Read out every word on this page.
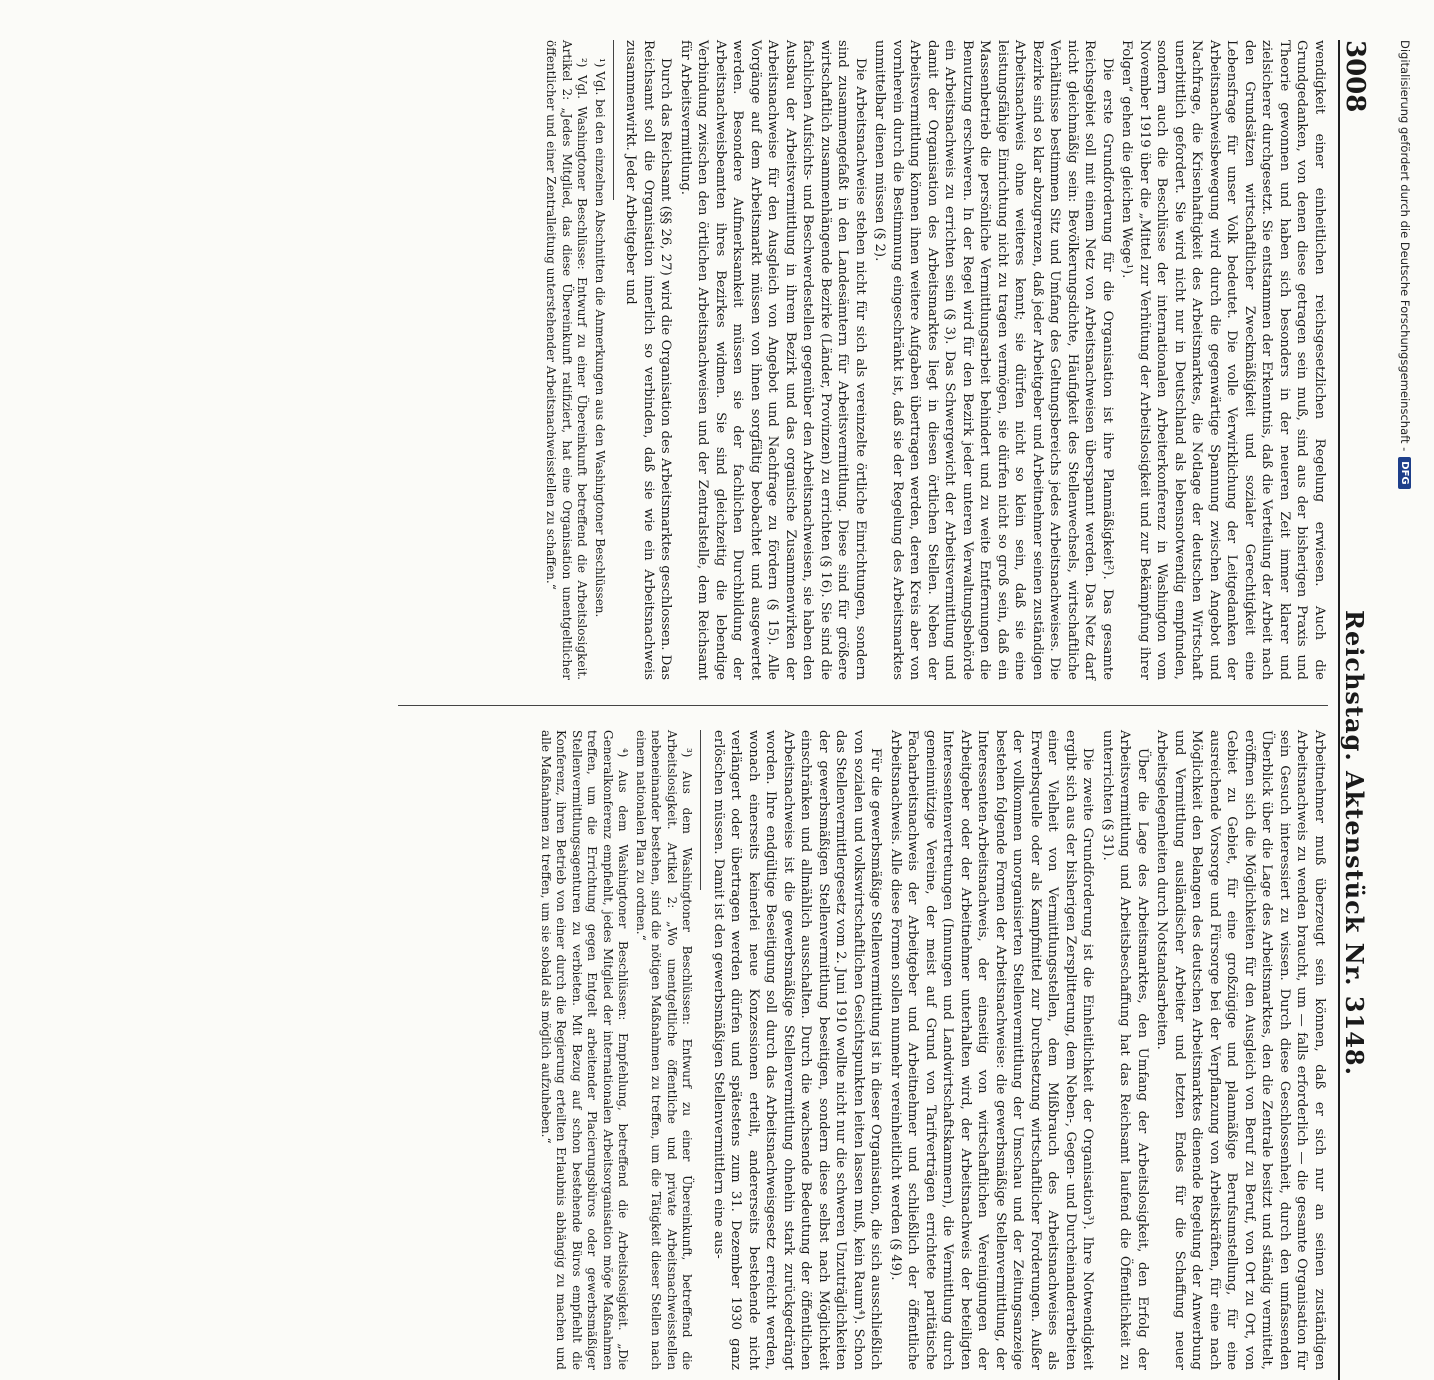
3008
Reichstag. Aktenstück Nr. 3148.

wendigkeit einer einheitlichen reichsgesetzlichen Regelung erwiesen. Auch die Grundgedanken, von denen diese getragen sein muß, sind aus der bisherigen Praxis und Theorie gewonnen und haben sich besonders in der neueren Zeit immer klarer und zielsicherer durchgesetzt. Sie entstammen der Erkenntnis, daß die Verteilung der Arbeit nach den Grundsätzen wirtschaftlicher Zweckmäßigkeit und sozialer Gerechtigkeit eine Lebensfrage für unser Volk bedeutet. Die volle Verwirklichung der Leitgedanken der Arbeitsnachweisbewegung wird durch die gegenwärtige Spannung zwischen Angebot und Nachfrage, die Krisenhaftigkeit des Arbeitsmarktes, die Notlage der deutschen Wirtschaft unerbittlich gefordert. Sie wird nicht nur in Deutschland als lebensnotwendig empfunden, sondern auch die Beschlüsse der internationalen Arbeiterkonferenz in Washington vom November 1919 über die „Mittel zur Verhütung der Arbeitslosigkeit und zur Bekämpfung ihrer Folgen“ gehen die gleichen Wege¹).

Die erste Grundforderung für die Organisation ist ihre Planmäßigkeit²). Das gesamte Reichsgebiet soll mit einem Netz von Arbeitsnachweisen überspannt werden. Das Netz darf nicht gleichmäßig sein: Bevölkerungsdichte, Häufigkeit des Stellenwechsels, wirtschaftliche Verhältnisse bestimmen Sitz und Umfang des Geltungsbereichs jedes Arbeitsnachweises. Die Bezirke sind so klar abzugrenzen, daß jeder Arbeitgeber und Arbeitnehmer seinen zuständigen Arbeitsnachweis ohne weiteres kennt; sie dürfen nicht so klein sein, daß sie eine leistungsfähige Einrichtung nicht zu tragen vermögen, sie dürfen nicht so groß sein, daß ein Massenbetrieb die persönliche Vermittlungsarbeit behindert und zu weite Entfernungen die Benutzung erschweren. In der Regel wird für den Bezirk jeder unteren Verwaltungsbehörde ein Arbeitsnachweis zu errichten sein (§ 3). Das Schwergewicht der Arbeitsvermittlung und damit der Organisation des Arbeitsmarktes liegt in diesen örtlichen Stellen. Neben der Arbeitsvermittlung können ihnen weitere Aufgaben übertragen werden, deren Kreis aber von vornherein durch die Bestimmung eingeschränkt ist, daß sie der Regelung des Arbeitsmarktes unmittelbar dienen müssen (§ 2).

Die Arbeitsnachweise stehen nicht für sich als vereinzelte örtliche Einrichtungen, sondern sind zusammengefaßt in den Landesämtern für Arbeitsvermittlung. Diese sind für größere wirtschaftlich zusammenhängende Bezirke (Länder, Provinzen) zu errichten (§ 16). Sie sind die fachlichen Aufsichts- und Beschwerdestellen gegenüber den Arbeitsnachweisen, sie haben den Ausbau der Arbeitsvermittlung in ihrem Bezirk und das organische Zusammenwirken der Arbeitsnachweise für den Ausgleich von Angebot und Nachfrage zu fördern (§ 15). Alle Vorgänge auf dem Arbeitsmarkt müssen von ihnen sorgfältig beobachtet und ausgewertet werden. Besondere Aufmerksamkeit müssen sie der fachlichen Durchbildung der Arbeitsnachweisbeamten ihres Bezirkes widmen. Sie sind gleichzeitig die lebendige Verbindung zwischen den örtlichen Arbeitsnachweisen und der Zentralstelle, dem Reichsamt für Arbeitsvermittlung.

Durch das Reichsamt (§§ 26, 27) wird die Organisation des Arbeitsmarktes geschlossen. Das Reichsamt soll die Organisation innerlich so verbinden, daß sie wie ein Arbeitsnachweis zusammenwirkt. Jeder Arbeitgeber und

¹) Vgl. bei den einzelnen Abschnitten die Anmerkungen aus den Washingtoner Beschlüssen.

²) Vgl. Washingtoner Beschlüsse: Entwurf zu einer Übereinkunft betreffend die Arbeitslosigkeit. Artikel 2: „Jedes Mitglied, das diese Übereinkunft ratifiziert, hat eine Organisation unentgeltlicher öffentlicher und einer Zentralleitung unterstehender Arbeitsnachweisstellen zu schaffen.“

Arbeitnehmer muß überzeugt sein können, daß er sich nur an seinen zuständigen Arbeitsnachweis zu wenden braucht, um — falls erforderlich — die gesamte Organisation für sein Gesuch interessiert zu wissen. Durch diese Geschlossenheit, durch den umfassenden Überblick über die Lage des Arbeitsmarktes, den die Zentrale besitzt und ständig vermittelt, eröffnen sich die Möglichkeiten für den Ausgleich von Beruf zu Beruf, von Ort zu Ort, von Gebiet zu Gebiet, für eine großzügige und planmäßige Berufsumstellung, für eine ausreichende Vorsorge und Fürsorge bei der Verpflanzung von Arbeitskräften, für eine nach Möglichkeit den Belangen des deutschen Arbeitsmarktes dienende Regelung der Anwerbung und Vermittlung ausländischer Arbeiter und letzten Endes für die Schaffung neuer Arbeitsgelegenheiten durch Notstandsarbeiten.

Über die Lage des Arbeitsmarktes, den Umfang der Arbeitslosigkeit, den Erfolg der Arbeitsvermittlung und Arbeitsbeschaffung hat das Reichsamt laufend die Öffentlichkeit zu unterrichten (§ 31).

Die zweite Grundforderung ist die Einheitlichkeit der Organisation³). Ihre Notwendigkeit ergibt sich aus der bisherigen Zersplitterung, dem Neben-, Gegen- und Durcheinanderarbeiten einer Vielheit von Vermittlungsstellen, dem Mißbrauch des Arbeitsnachweises als Erwerbsquelle oder als Kampfmittel zur Durchsetzung wirtschaftlicher Forderungen. Außer der vollkommen unorganisierten Stellenvermittlung der Umschau und der Zeitungsanzeige bestehen folgende Formen der Arbeitsnachweise: die gewerbsmäßige Stellenvermittlung, der Interessenten-Arbeitsnachweis, der einseitig von wirtschaftlichen Vereinigungen der Arbeitgeber oder der Arbeitnehmer unterhalten wird, der Arbeitsnachweis der beteiligten Interessentenvertretungen (Innungen und Landwirtschaftskammern), die Vermittlung durch gemeinnützige Vereine, der meist auf Grund von Tarifverträgen errichtete paritätische Facharbeitsnachweis der Arbeitgeber und Arbeitnehmer und schließlich der öffentliche Arbeitsnachweis. Alle diese Formen sollen nunmehr vereinheitlicht werden (§ 49).

Für die gewerbsmäßige Stellenvermittlung ist in dieser Organisation, die sich ausschließlich von sozialen und volkswirtschaftlichen Gesichtspunkten leiten lassen muß, kein Raum⁴). Schon das Stellenvermittlergesetz vom 2. Juni 1910 wollte nicht nur die schweren Unzuträglichkeiten der gewerbsmäßigen Stellenvermittlung beseitigen, sondern diese selbst nach Möglichkeit einschränken und allmählich ausschalten. Durch die wachsende Bedeutung der öffentlichen Arbeitsnachweise ist die gewerbsmäßige Stellenvermittlung ohnehin stark zurückgedrängt worden. Ihre endgültige Beseitigung soll durch das Arbeitsnachweisgesetz erreicht werden, wonach einerseits keinerlei neue Konzessionen erteilt, andererseits bestehende nicht verlängert oder übertragen werden dürfen und spätestens zum 31. Dezember 1930 ganz erlöschen müssen. Damit ist den gewerbsmäßigen Stellenvermittlern eine aus-

³) Aus dem Washingtoner Beschlüssen: Entwurf zu einer Übereinkunft, betreffend die Arbeitslosigkeit. Artikel 2: „Wo unentgeltliche öffentliche und private Arbeitsnachweisstellen nebeneinander bestehen, sind die nötigen Maßnahmen zu treffen, um die Tätigkeit dieser Stellen nach einem nationalen Plan zu ordnen.“

⁴) Aus dem Washingtoner Beschlüssen: Empfehlung, betreffend die Arbeitslosigkeit. „Die Generalkonferenz empfiehlt, jedes Mitglied der internationalen Arbeitsorganisation möge Maßnahmen treffen, um die Errichtung gegen Entgelt arbeitender Placierungsbüros oder gewerbsmäßiger Stellenvermittlungsagenturen zu verbieten. Mit Bezug auf schon bestehende Büros empfiehlt die Konferenz, ihren Betrieb von einer durch die Regierung erteilten Erlaubnis abhängig zu machen und alle Maßnahmen zu treffen, um sie sobald als möglich aufzuheben.“

Digitalisierung gefördert durch die Deutsche Forschungsgemeinschaft -
DFG
